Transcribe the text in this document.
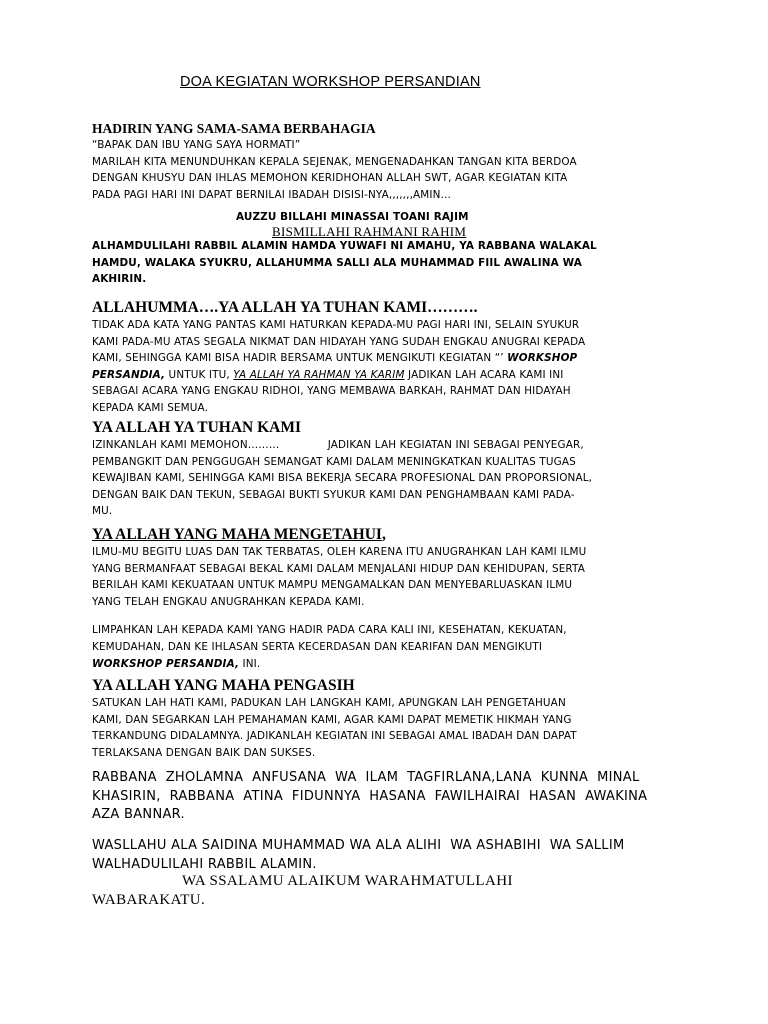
DOA KEGIATAN WORKSHOP PERSANDIAN
HADIRIN YANG SAMA-SAMA BERBAHAGIA
“BAPAK DAN IBU YANG SAYA HORMATI”
MARILAH KITA MENUNDUHKAN KEPALA SEJENAK, MENGENADAHKAN TANGAN KITA BERDOA
DENGAN KHUSYU DAN IHLAS MEMOHON KERIDHOHAN ALLAH SWT, AGAR KEGIATAN KITA
PADA PAGI HARI INI DAPAT BERNILAI IBADAH DISISI-NYA,,,,,,,AMIN…
AUZZU BILLAHI MINASSAI TOANI RAJIM
BISMILLAHI RAHMANI RAHIM
ALHAMDULILAHI RABBIL ALAMIN HAMDA YUWAFI NI AMAHU, YA RABBANA WALAKAL
HAMDU, WALAKA SYUKRU, ALLAHUMMA SALLI ALA MUHAMMAD FIIL AWALINA WA
AKHIRIN.
ALLAHUMMA….YA ALLAH YA TUHAN KAMI……….
TIDAK ADA KATA YANG PANTAS KAMI HATURKAN KEPADA-MU PAGI HARI INI, SELAIN SYUKUR
KAMI PADA-MU ATAS SEGALA NIKMAT DAN HIDAYAH YANG SUDAH ENGKAU ANUGRAI KEPADA
KAMI, SEHINGGA KAMI BISA HADIR BERSAMA UNTUK MENGIKUTI KEGIATAN “’ WORKSHOP
PERSANDIA, UNTUK ITU, YA ALLAH YA RAHMAN YA KARIM JADIKAN LAH ACARA KAMI INI
SEBAGAI ACARA YANG ENGKAU RIDHOI, YANG MEMBAWA BARKAH, RAHMAT DAN HIDAYAH
KEPADA KAMI SEMUA.
YA ALLAH YA TUHAN KAMI
IZINKANLAH KAMI MEMOHON………              JADIKAN LAH KEGIATAN INI SEBAGAI PENYEGAR,
PEMBANGKIT DAN PENGGUGAH SEMANGAT KAMI DALAM MENINGKATKAN KUALITAS TUGAS
KEWAJIBAN KAMI, SEHINGGA KAMI BISA BEKERJA SECARA PROFESIONAL DAN PROPORSIONAL,
DENGAN BAIK DAN TEKUN, SEBAGAI BUKTI SYUKUR KAMI DAN PENGHAMBAAN KAMI PADA-
MU.
YA ALLAH YANG MAHA MENGETAHUI,
ILMU-MU BEGITU LUAS DAN TAK TERBATAS, OLEH KARENA ITU ANUGRAHKAN LAH KAMI ILMU
YANG BERMANFAAT SEBAGAI BEKAL KAMI DALAM MENJALANI HIDUP DAN KEHIDUPAN, SERTA
BERILAH KAMI KEKUATAAN UNTUK MAMPU MENGAMALKAN DAN MENYEBARLUASKAN ILMU
YANG TELAH ENGKAU ANUGRAHKAN KEPADA KAMI.
LIMPAHKAN LAH KEPADA KAMI YANG HADIR PADA CARA KALI INI, KESEHATAN, KEKUATAN,
KEMUDAHAN, DAN KE IHLASAN SERTA KECERDASAN DAN KEARIFAN DAN MENGIKUTI
WORKSHOP PERSANDIA, INI.
YA ALLAH YANG MAHA PENGASIH
SATUKAN LAH HATI KAMI, PADUKAN LAH LANGKAH KAMI, APUNGKAN LAH PENGETAHUAN
KAMI, DAN SEGARKAN LAH PEMAHAMAN KAMI, AGAR KAMI DAPAT MEMETIK HIKMAH YANG
TERKANDUNG DIDALAMNYA. JADIKANLAH KEGIATAN INI SEBAGAI AMAL IBADAH DAN DAPAT
TERLAKSANA DENGAN BAIK DAN SUKSES.
RABBANA  ZHOLAMNA  ANFUSANA  WA  ILAM  TAGFIRLANA,LANA  KUNNA  MINAL
KHASIRIN,  RABBANA  ATINA  FIDUNNYA  HASANA  FAWILHAIRAI  HASAN  AWAKINA
AZA BANNAR.
WASLLAHU ALA SAIDINA MUHAMMAD WA ALA ALIHI  WA ASHABIHI  WA SALLIM
WALHADULILAHI RABBIL ALAMIN.
WA SSALAMU ALAIKUM WARAHMATULLAHI
WABARAKATU.
